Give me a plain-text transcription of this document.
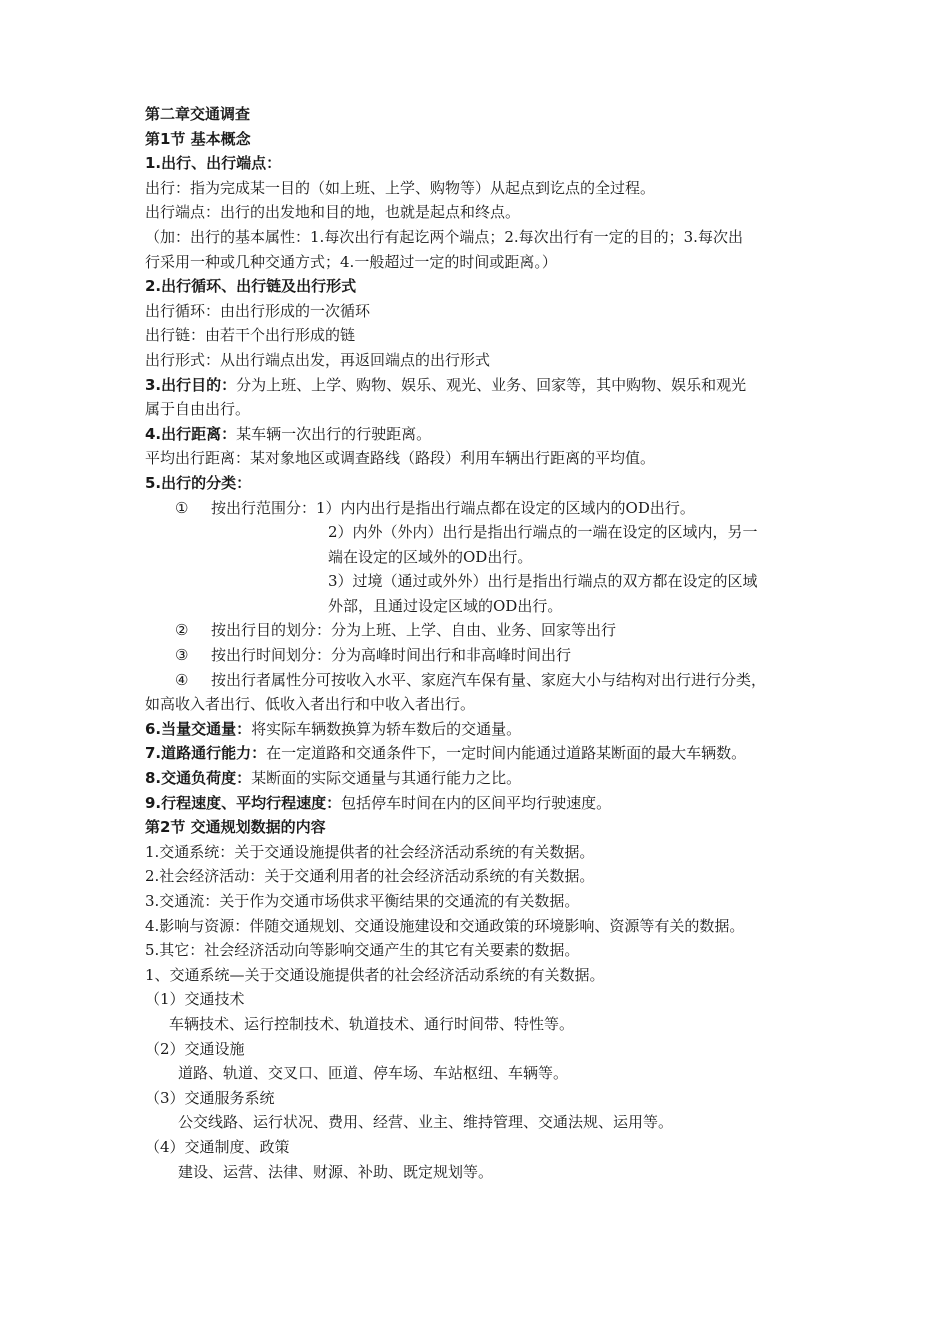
第二章交通调查
第1节 基本概念
1.出行、出行端点：
出行：指为完成某一目的（如上班、上学、购物等）从起点到讫点的全过程。
出行端点：出行的出发地和目的地，也就是起点和终点。
（加：出行的基本属性：1.每次出行有起讫两个端点；2.每次出行有一定的目的；3.每次出
行采用一种或几种交通方式；4.一般超过一定的时间或距离。）
2.出行循环、出行链及出行形式
出行循环：由出行形成的一次循环
出行链：由若干个出行形成的链
出行形式：从出行端点出发，再返回端点的出行形式
3.出行目的：分为上班、上学、购物、娱乐、观光、业务、回家等，其中购物、娱乐和观光
属于自由出行。
4.出行距离：某车辆一次出行的行驶距离。
平均出行距离：某对象地区或调查路线（路段）利用车辆出行距离的平均值。
5.出行的分类：
① 按出行范围分：1）内内出行是指出行端点都在设定的区域内的OD出行。
2）内外（外内）出行是指出行端点的一端在设定的区域内，另一
端在设定的区域外的OD出行。
3）过境（通过或外外）出行是指出行端点的双方都在设定的区域
外部，且通过设定区域的OD出行。
② 按出行目的划分：分为上班、上学、自由、业务、回家等出行
③ 按出行时间划分：分为高峰时间出行和非高峰时间出行
④ 按出行者属性分可按收入水平、家庭汽车保有量、家庭大小与结构对出行进行分类，
如高收入者出行、低收入者出行和中收入者出行。
6.当量交通量：将实际车辆数换算为轿车数后的交通量。
7.道路通行能力：在一定道路和交通条件下，一定时间内能通过道路某断面的最大车辆数。
8.交通负荷度：某断面的实际交通量与其通行能力之比。
9.行程速度、平均行程速度：包括停车时间在内的区间平均行驶速度。
第2节 交通规划数据的内容
1.交通系统：关于交通设施提供者的社会经济活动系统的有关数据。
2.社会经济活动：关于交通利用者的社会经济活动系统的有关数据。
3.交通流：关于作为交通市场供求平衡结果的交通流的有关数据。
4.影响与资源：伴随交通规划、交通设施建设和交通政策的环境影响、资源等有关的数据。
5.其它：社会经济活动向等影响交通产生的其它有关要素的数据。
1、交通系统—关于交通设施提供者的社会经济活动系统的有关数据。
（1）交通技术
车辆技术、运行控制技术、轨道技术、通行时间带、特性等。
（2）交通设施
道路、轨道、交叉口、匝道、停车场、车站枢纽、车辆等。
（3）交通服务系统
公交线路、运行状况、费用、经营、业主、维持管理、交通法规、运用等。
（4）交通制度、政策
建设、运营、法律、财源、补助、既定规划等。
